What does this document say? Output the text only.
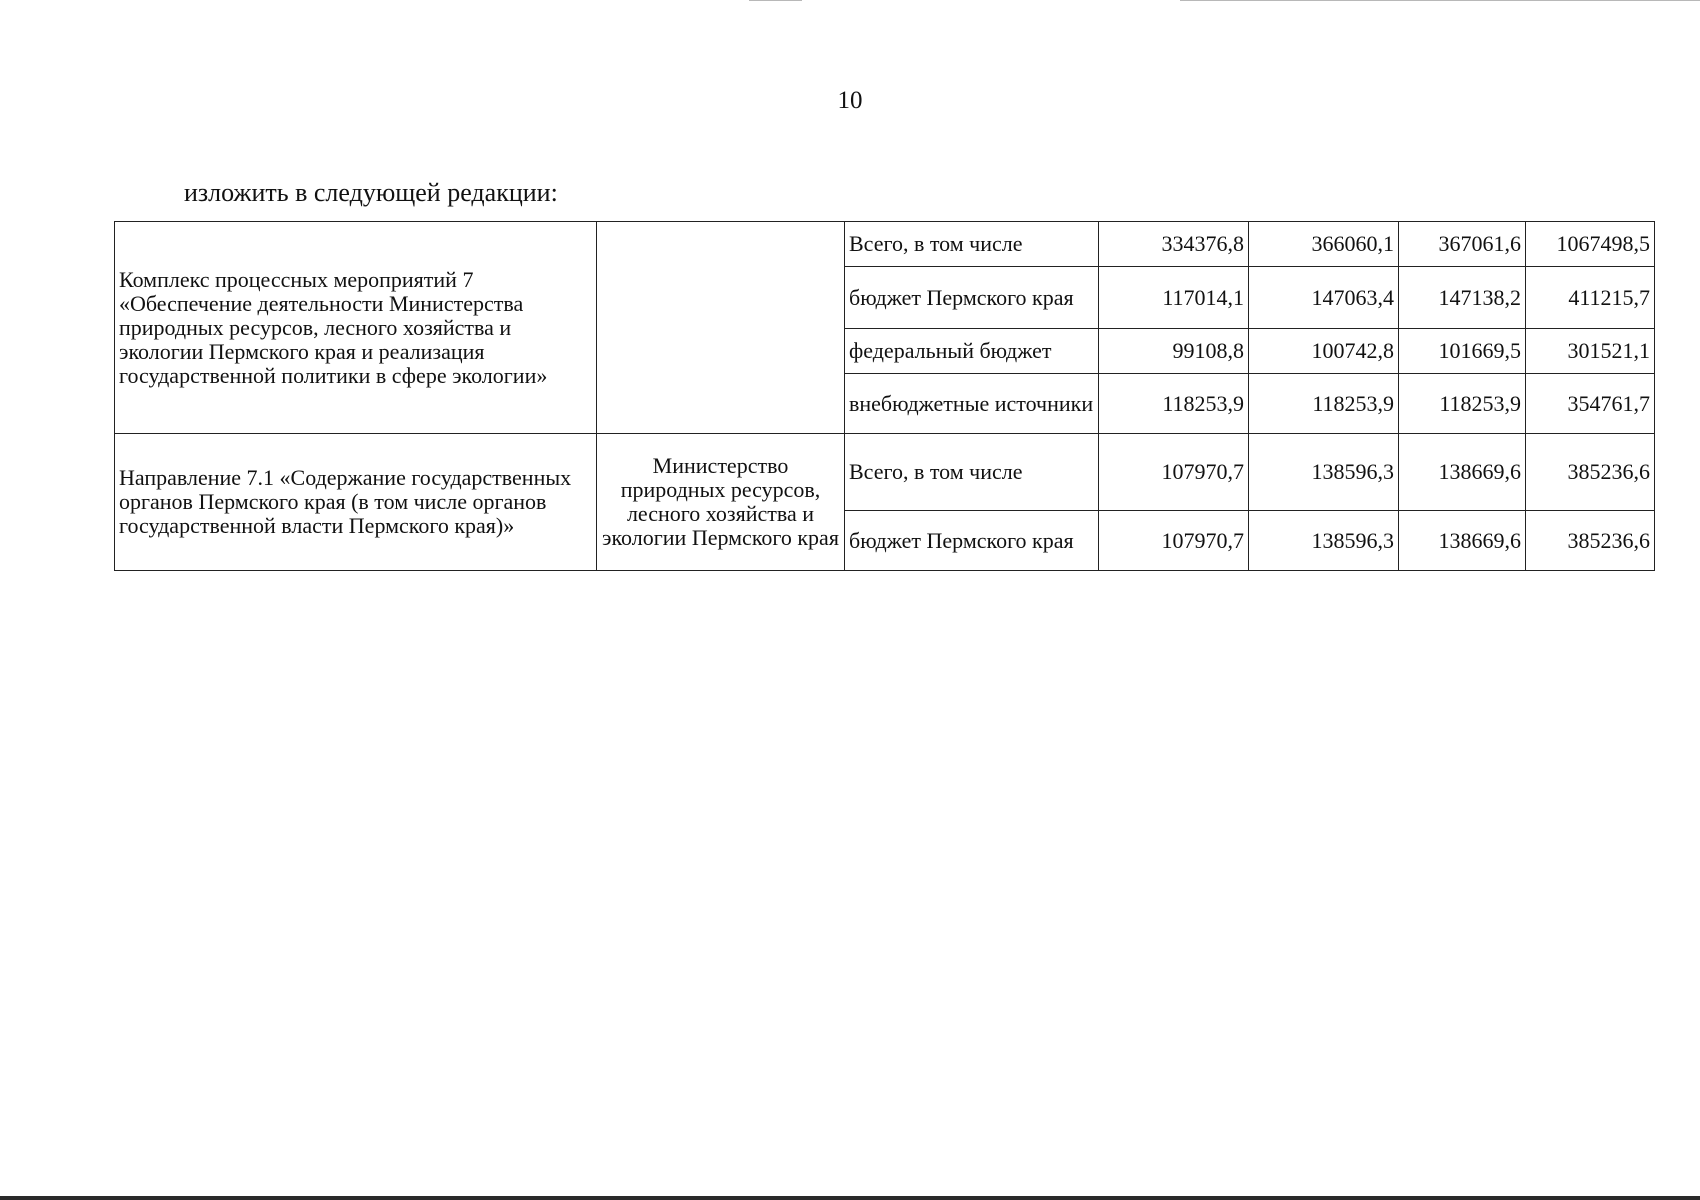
10
изложить в следующей редакции:
Комплекс процессных мероприятий 7 «Обеспечение деятельности Министерства природных ресурсов, лесного хозяйства и экологии Пермского края и реализация государственной политики в сфере экологии»		Всего, в том числе	334376,8	366060,1	367061,6	1067498,5
		бюджет Пермского края	117014,1	147063,4	147138,2	411215,7
		федеральный бюджет	99108,8	100742,8	101669,5	301521,1
		внебюджетные источники	118253,9	118253,9	118253,9	354761,7
Направление 7.1 «Содержание государственных органов Пермского края (в том числе органов государственной власти Пермского края)»	Министерство природных ресурсов, лесного хозяйства и экологии Пермского края	Всего, в том числе	107970,7	138596,3	138669,6	385236,6
		бюджет Пермского края	107970,7	138596,3	138669,6	385236,6
